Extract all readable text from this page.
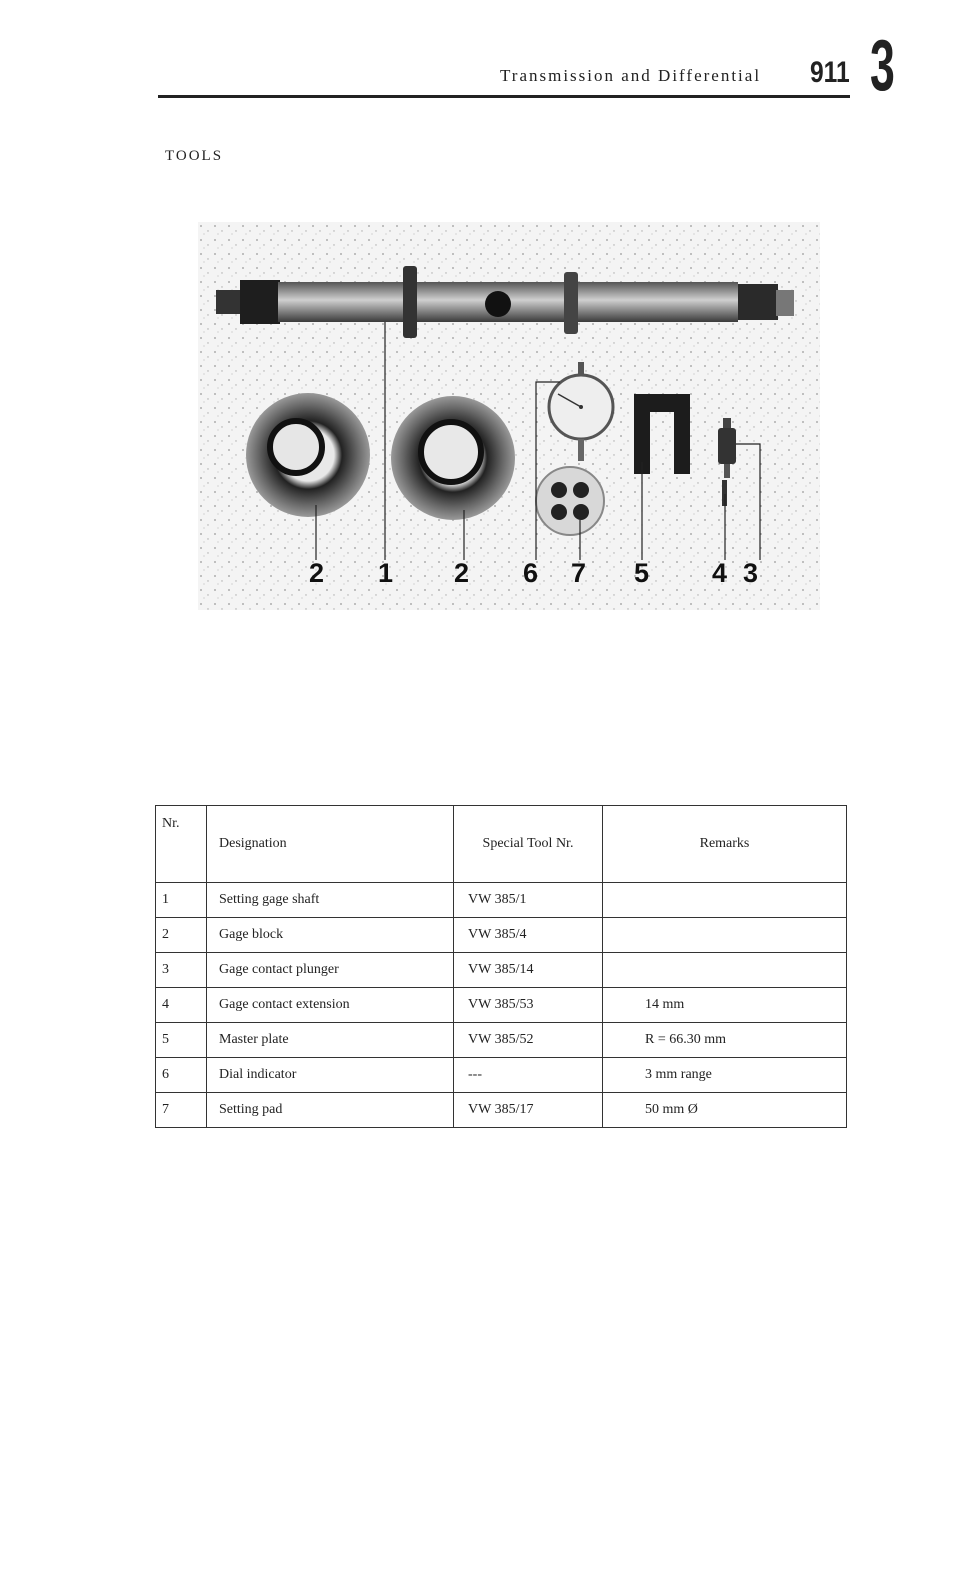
Transmission and Differential 911 3
TOOLS
2 1 2 6 7 5 4 3
Nr.	Designation	Special Tool Nr.	Remarks
1	Setting gage shaft	VW 385/1	
2	Gage block	VW 385/4	
3	Gage contact plunger	VW 385/14	
4	Gage contact extension	VW 385/53	14 mm
5	Master plate	VW 385/52	R = 66.30 mm
6	Dial indicator	---	3 mm range
7	Setting pad	VW 385/17	50 mm Ø
